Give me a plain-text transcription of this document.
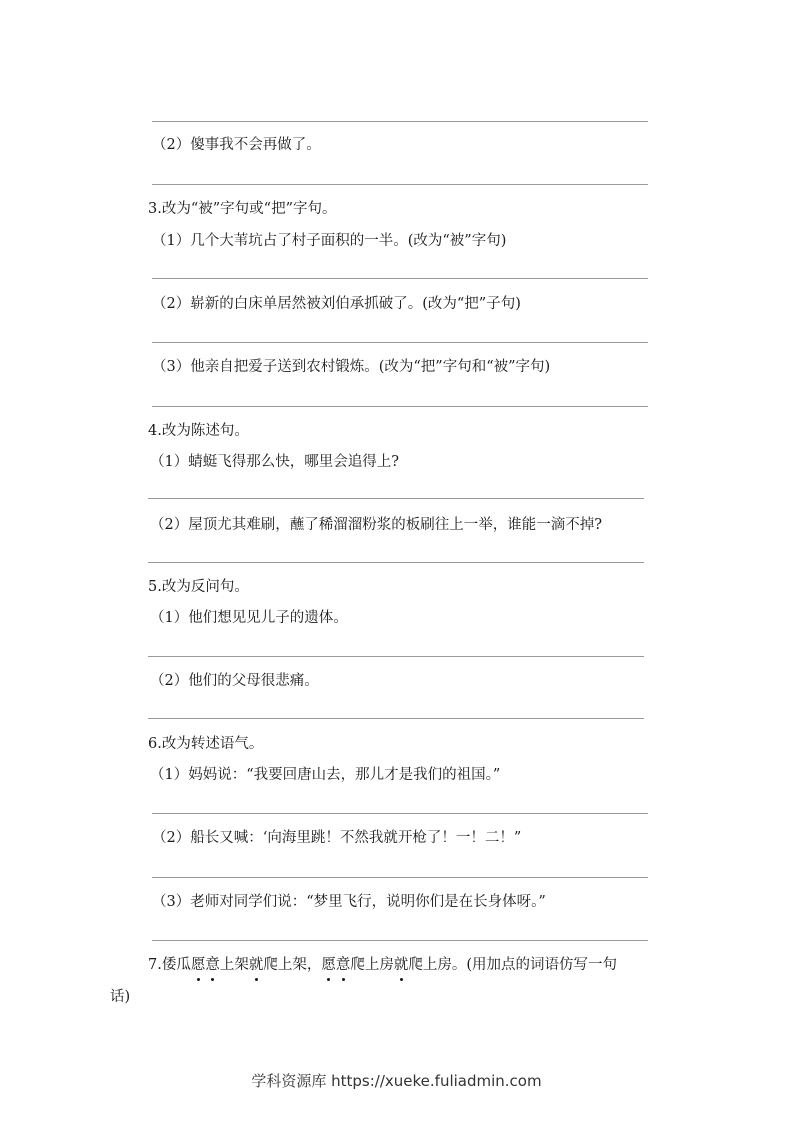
（2）傻事我不会再做了。
3.改为“被”字句或“把”字句。
（1）几个大苇坑占了村子面积的一半。(改为“被”字句)
（2）崭新的白床单居然被刘伯承抓破了。(改为“把”子句)
（3）他亲自把爱子送到农村锻炼。(改为“把”字句和“被”字句)
4.改为陈述句。
（1）蜻蜓飞得那么快，哪里会追得上?
（2）屋顶尤其难刷，蘸了稀溜溜粉浆的板刷往上一举，谁能一滴不掉?
5.改为反问句。
（1）他们想见见儿子的遗体。
（2）他们的父母很悲痛。
6.改为转述语气。
（1）妈妈说：“我要回唐山去，那儿才是我们的祖国。”
（2）船长又喊：‘向海里跳！不然我就开枪了！一！二！”
（3）老师对同学们说：“梦里飞行，说明你们是在长身体呀。”
7.倭瓜愿意上架就爬上架，愿意爬上房就爬上房。(用加点的词语仿写一句
话)
学科资源库 https://xueke.fuliadmin.com
